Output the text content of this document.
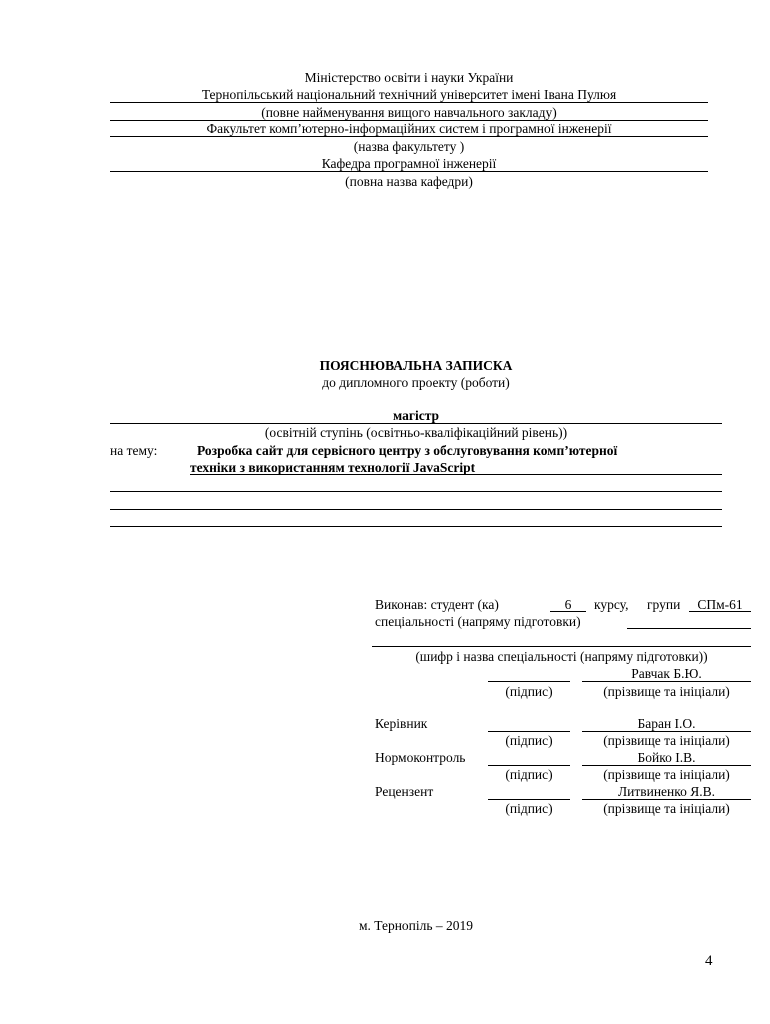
Міністерство освіти і науки України
Тернопільський національний технічний університет імені Івана Пулюя
(повне найменування вищого навчального закладу)
Факультет комп’ютерно-інформаційних систем і програмної інженерії
(назва факультету )
Кафедра програмної інженерії
(повна назва кафедри)
ПОЯСНЮВАЛЬНА ЗАПИСКА
до дипломного проекту (роботи)
магістр
(освітній ступінь (освітньо-кваліфікаційний рівень))
на тему:	Розробка сайт для сервісного центру з обслуговування комп’ютерної
техніки з використанням технології JavaScript
Виконав: студент (ка)	6	курсу, групи	СПм-61
спеціальності (напряму підготовки)
(шифр і назва спеціальності (напряму підготовки))
Равчак Б.Ю.
(підпис)	(прізвище та ініціали)
Керівник	Баран І.О.
(підпис)	(прізвище та ініціали)
Нормоконтроль	Бойко І.В.
(підпис)	(прізвище та ініціали)
Рецензент	Литвиненко Я.В.
(підпис)	(прізвище та ініціали)
м. Тернопіль – 2019
4
